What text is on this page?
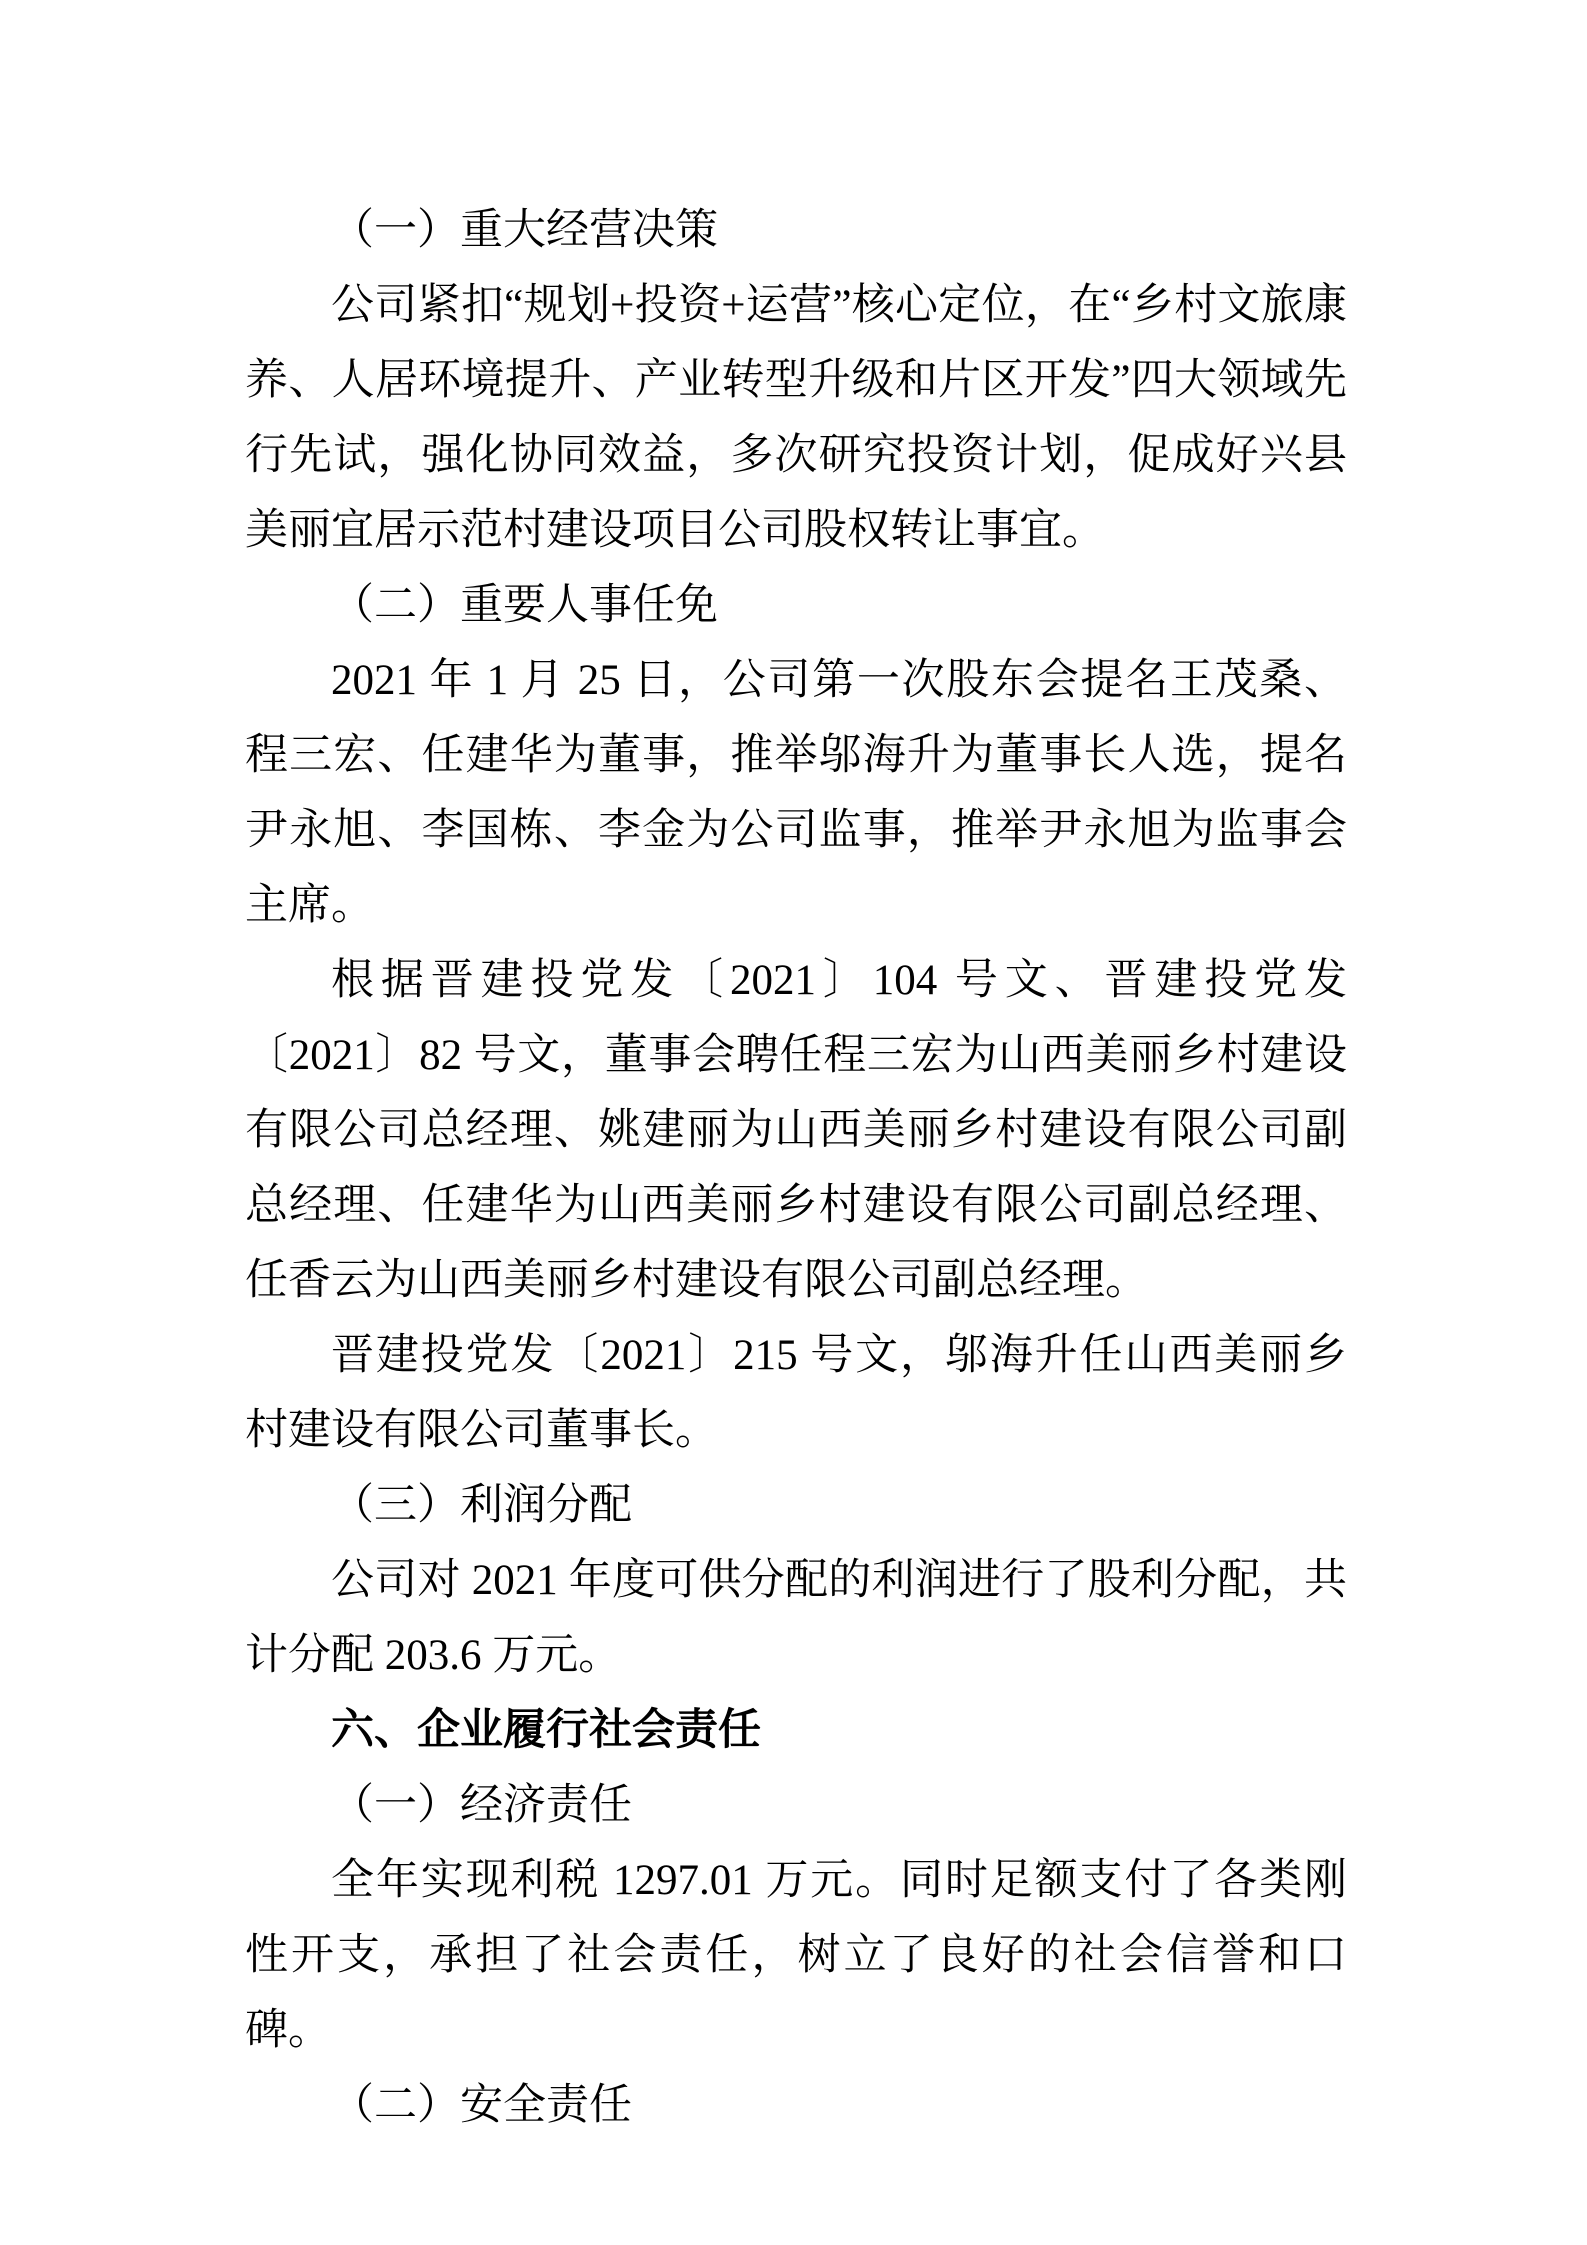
（一）重大经营决策

公司紧扣“规划+投资+运营”核心定位，在“乡村文旅康养、人居环境提升、产业转型升级和片区开发”四大领域先行先试，强化协同效益，多次研究投资计划，促成好兴县美丽宜居示范村建设项目公司股权转让事宜。

（二）重要人事任免

2021 年 1 月 25 日，公司第一次股东会提名王茂桑、程三宏、任建华为董事，推举邬海升为董事长人选，提名尹永旭、李国栋、李金为公司监事，推举尹永旭为监事会主席。

根据晋建投党发〔2021〕104 号文、晋建投党发〔2021〕82 号文，董事会聘任程三宏为山西美丽乡村建设有限公司总经理、姚建丽为山西美丽乡村建设有限公司副总经理、任建华为山西美丽乡村建设有限公司副总经理、任香云为山西美丽乡村建设有限公司副总经理。

晋建投党发〔2021〕215 号文，邬海升任山西美丽乡村建设有限公司董事长。

（三）利润分配

公司对 2021 年度可供分配的利润进行了股利分配，共计分配 203.6 万元。

六、企业履行社会责任

（一）经济责任

全年实现利税 1297.01 万元。同时足额支付了各类刚性开支，承担了社会责任，树立了良好的社会信誉和口碑。

（二）安全责任
